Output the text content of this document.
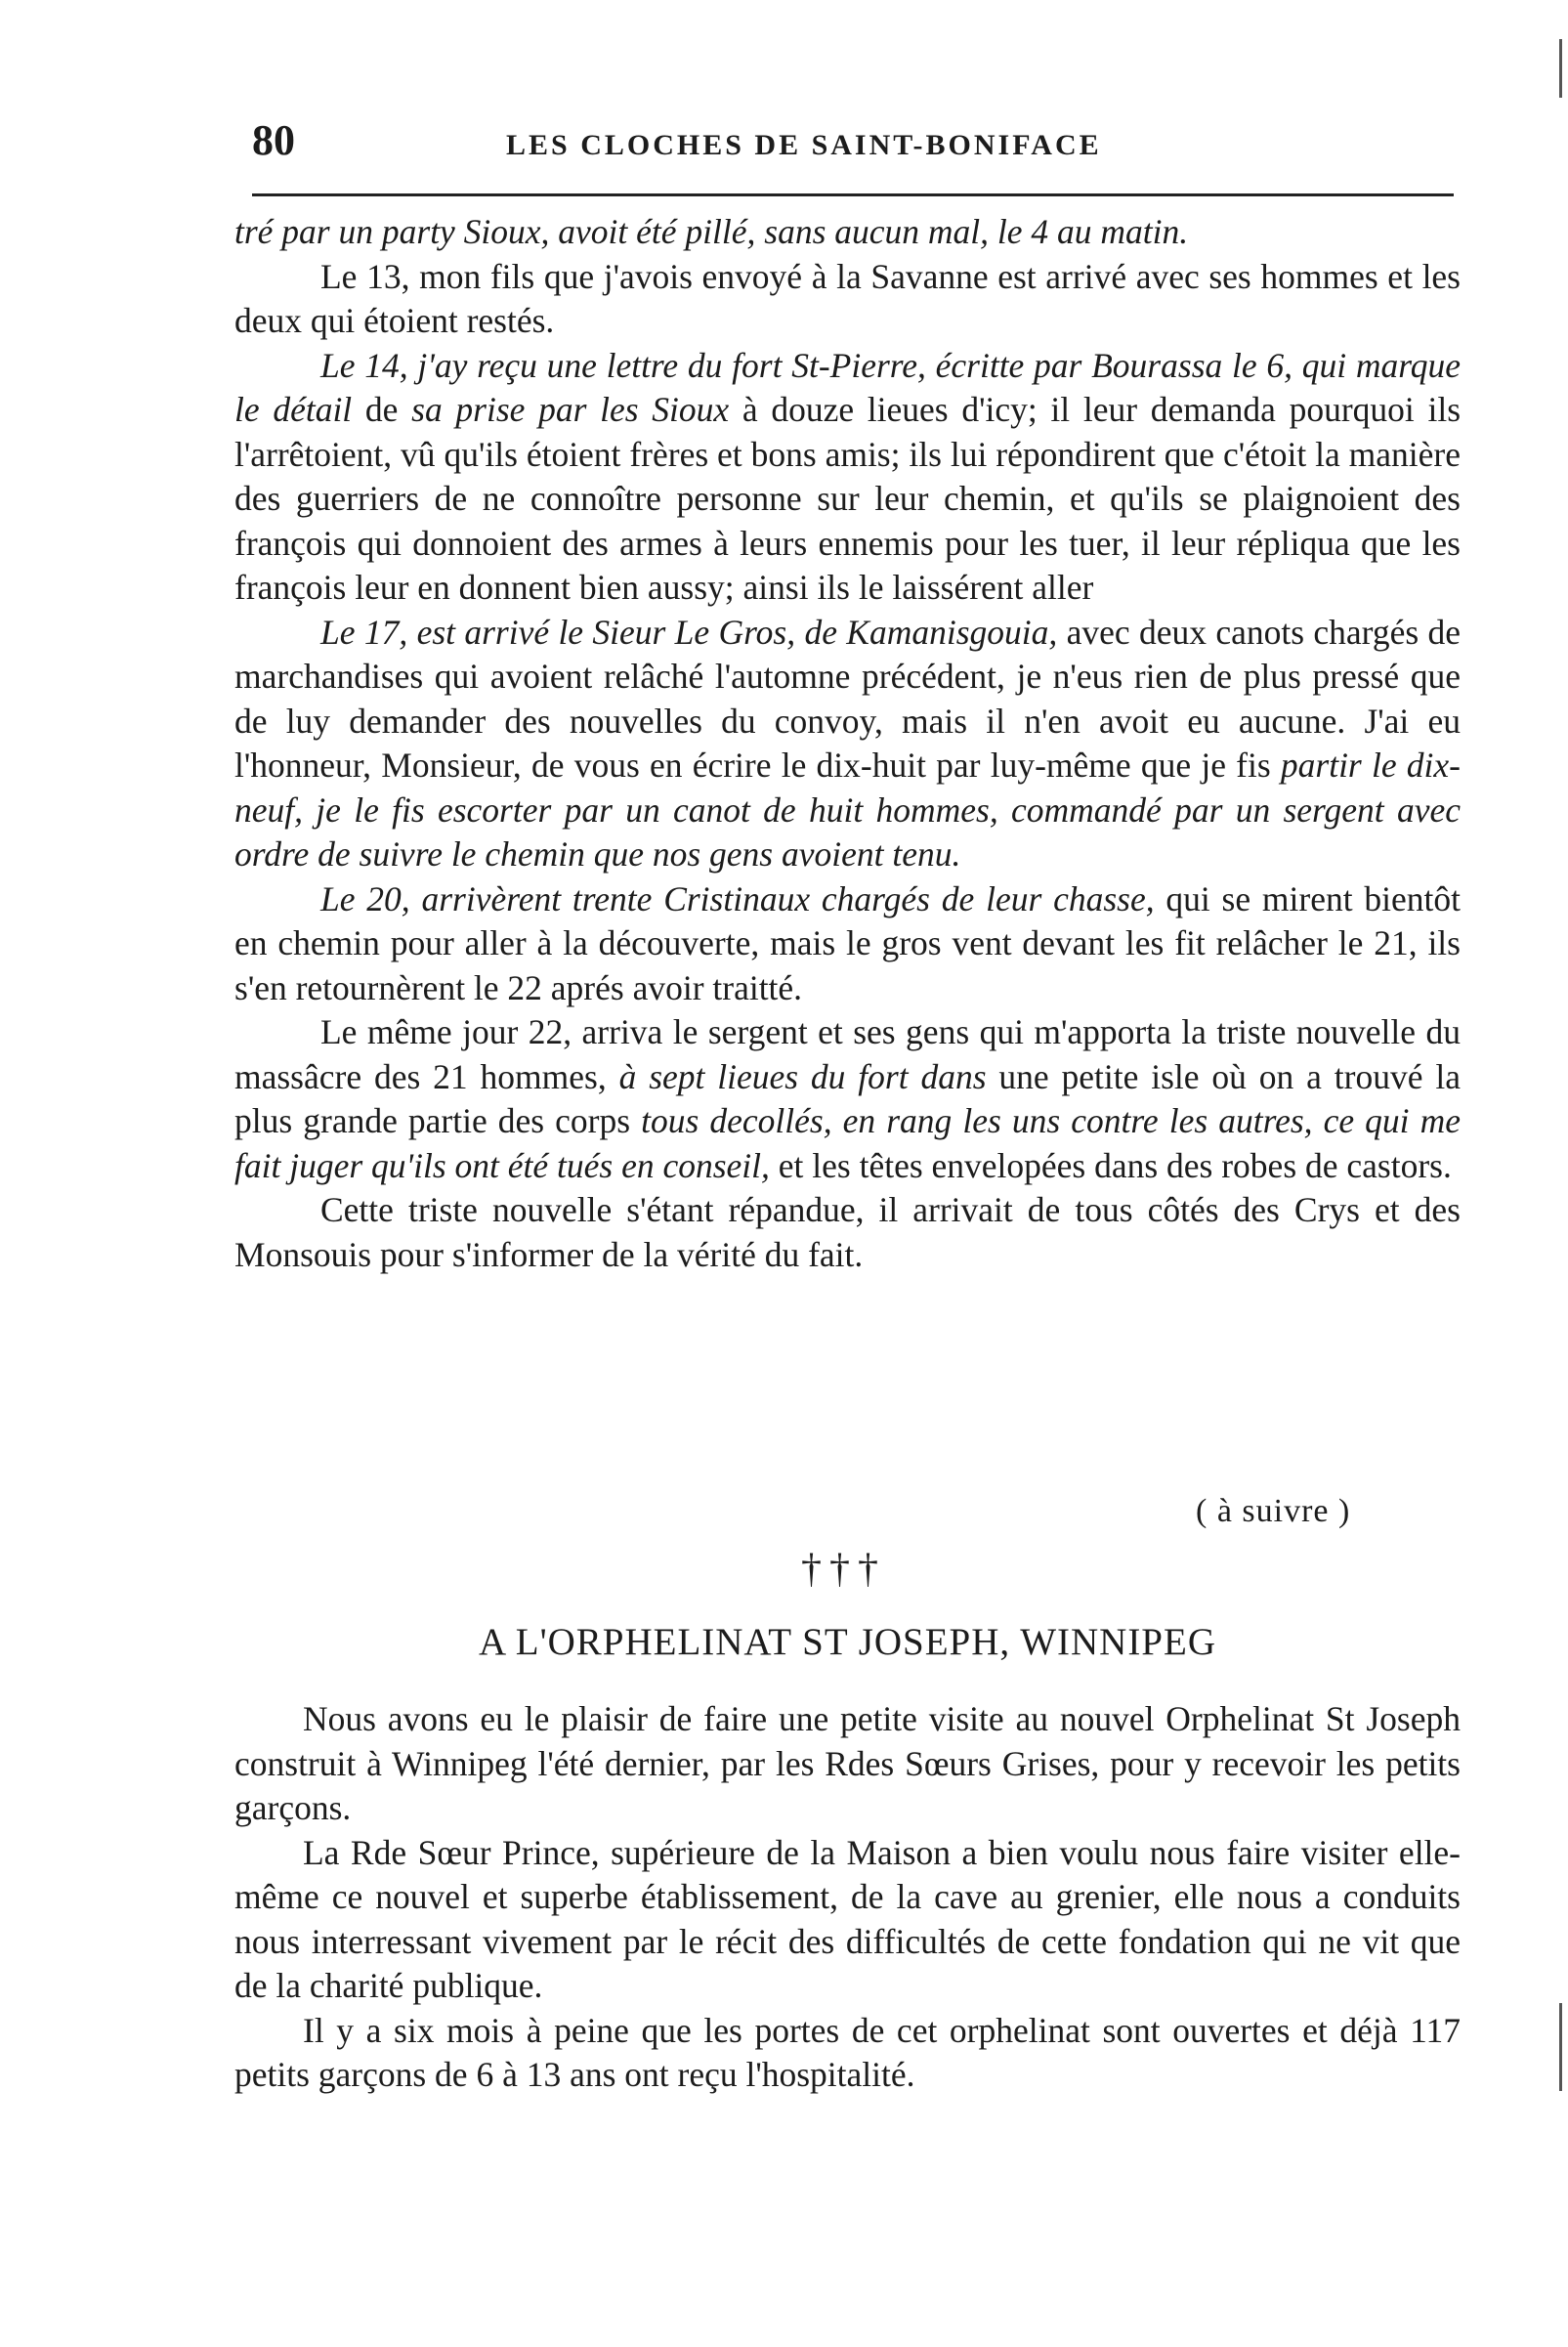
80	LES CLOCHES DE SAINT-BONIFACE

tré par un party Sioux, avoit été pillé, sans aucun mal, le 4 au matin.

Le 13, mon fils que j'avois envoyé à la Savanne est arrivé avec ses hommes et les deux qui étoient restés.

Le 14, j'ay reçu une lettre du fort St-Pierre, écritte par Bourassa le 6, qui marque le détail de sa prise par les Sioux à douze lieues d'icy; il leur demanda pourquoi ils l'arrêtoient, vû qu'ils étoient frères et bons amis; ils lui répondirent que c'étoit la manière des guerriers de ne connoître personne sur leur chemin, et qu'ils se plaignoient des françois qui donnoient des armes à leurs ennemis pour les tuer, il leur répliqua que les françois leur en donnent bien aussy; ainsi ils le laissérent aller

Le 17, est arrivé le Sieur Le Gros, de Kamanisgouia, avec deux canots chargés de marchandises qui avoient relâché l'automne précédent, je n'eus rien de plus pressé que de luy demander des nouvelles du convoy, mais il n'en avoit eu aucune. J'ai eu l'honneur, Monsieur, de vous en écrire le dix-huit par luy-même que je fis partir le dix-neuf, je le fis escorter par un canot de huit hommes, commandé par un sergent avec ordre de suivre le chemin que nos gens avoient tenu.

Le 20, arrivèrent trente Cristinaux chargés de leur chasse, qui se mirent bientôt en chemin pour aller à la découverte, mais le gros vent devant les fit relâcher le 21, ils s'en retournèrent le 22 aprés avoir traitté.

Le même jour 22, arriva le sergent et ses gens qui m'apporta la triste nouvelle du massâcre des 21 hommes, à sept lieues du fort dans une petite isle où on a trouvé la plus grande partie des corps tous decollés, en rang les uns contre les autres, ce qui me fait juger qu'ils ont été tués en conseil, et les têtes envelopées dans des robes de castors.

Cette triste nouvelle s'étant répandue, il arrivait de tous côtés des Crys et des Monsouis pour s'informer de la vérité du fait.

( à suivre )
†††
A L'ORPHELINAT ST JOSEPH, WINNIPEG

Nous avons eu le plaisir de faire une petite visite au nouvel Orphelinat St Joseph construit à Winnipeg l'été dernier, par les Rdes Sœurs Grises, pour y recevoir les petits garçons.

La Rde Sœur Prince, supérieure de la Maison a bien voulu nous faire visiter elle-même ce nouvel et superbe établissement, de la cave au grenier, elle nous a conduits nous interressant vivement par le récit des difficultés de cette fondation qui ne vit que de la charité publique.

Il y a six mois à peine que les portes de cet orphelinat sont ouvertes et déjà 117 petits garçons de 6 à 13 ans ont reçu l'hospitalité.
